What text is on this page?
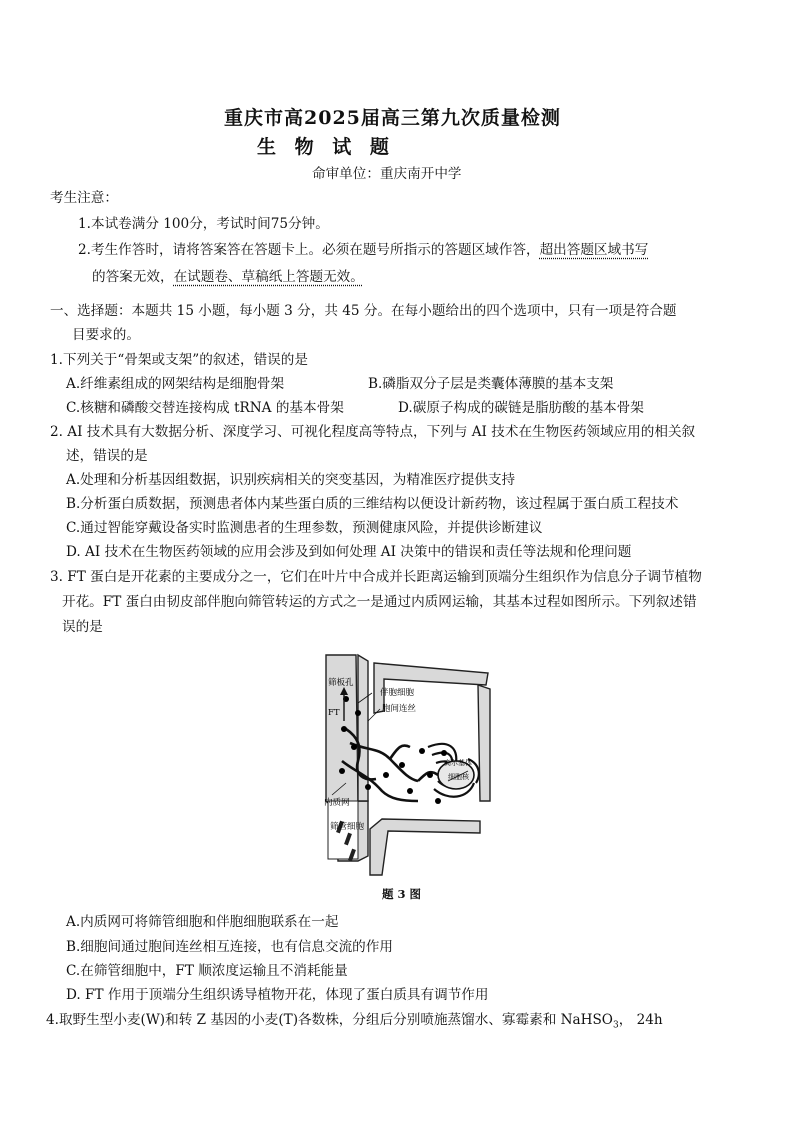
重庆市高2025届高三第九次质量检测
生 物 试 题
命审单位：重庆南开中学
考生注意：
1.本试卷满分 100分，考试时间75分钟。
2.考生作答时，请将答案答在答题卡上。必须在题号所指示的答题区域作答，超出答题区域书写
的答案无效，在试题卷、草稿纸上答题无效。
一、选择题：本题共 15 小题，每小题 3 分，共 45 分。在每小题给出的四个选项中，只有一项是符合题
目要求的。
1.下列关于“骨架或支架”的叙述，错误的是
A.纤维素组成的网架结构是细胞骨架	B.磷脂双分子层是类囊体薄膜的基本支架
C.核糖和磷酸交替连接构成 tRNA 的基本骨架	D.碳原子构成的碳链是脂肪酸的基本骨架
2. AI 技术具有大数据分析、深度学习、可视化程度高等特点，下列与 AI 技术在生物医药领域应用的相关叙
述，错误的是
A.处理和分析基因组数据，识别疾病相关的突变基因，为精准医疗提供支持
B.分析蛋白质数据，预测患者体内某些蛋白质的三维结构以便设计新药物，该过程属于蛋白质工程技术
C.通过智能穿戴设备实时监测患者的生理参数，预测健康风险，并提供诊断建议
D. AI 技术在生物医药领域的应用会涉及到如何处理 AI 决策中的错误和责任等法规和伦理问题
3. FT 蛋白是开花素的主要成分之一，它们在叶片中合成并长距离运输到顶端分生组织作为信息分子调节植物
开花。FT 蛋白由韧皮部伴胞向筛管转运的方式之一是通过内质网运输，其基本过程如图所示。下列叙述错
误的是
筛板孔
FT
伴胞细胞
胞间连丝
内质网
筛管细胞
高尔基体
细胞核
题 3 图
A.内质网可将筛管细胞和伴胞细胞联系在一起
B.细胞间通过胞间连丝相互连接，也有信息交流的作用
C.在筛管细胞中，FT 顺浓度运输且不消耗能量
D. FT 作用于顶端分生组织诱导植物开花，体现了蛋白质具有调节作用
4.取野生型小麦(W)和转 Z 基因的小麦(T)各数株，分组后分别喷施蒸馏水、寡霉素和 NaHSO$_3$， 24h
